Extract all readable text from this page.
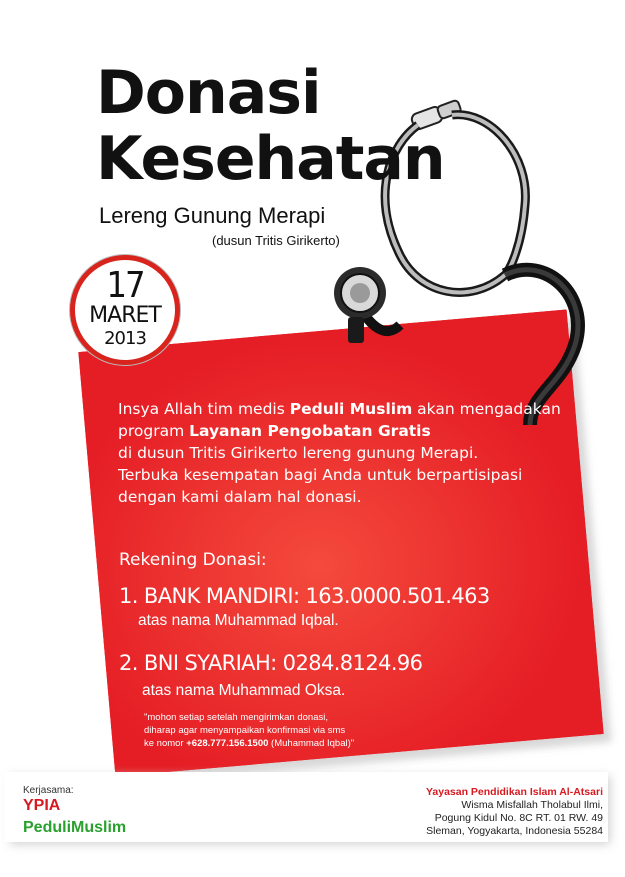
Donasi
Kesehatan
Lereng Gunung Merapi
(dusun Tritis Girikerto)
17
MARET
2013
Insya Allah tim medis Peduli Muslim akan mengadakan
program Layanan Pengobatan Gratis
di dusun Tritis Girikerto lereng gunung Merapi.
Terbuka kesempatan bagi Anda untuk berpartisipasi
dengan kami dalam hal donasi.
Rekening Donasi:
1. BANK MANDIRI: 163.0000.501.463
atas nama Muhammad Iqbal.
2. BNI SYARIAH: 0284.8124.96
atas nama Muhammad Oksa.
"mohon setiap setelah mengirimkan donasi,
diharap agar menyampaikan konfirmasi via sms
ke nomor +628.777.156.1500 (Muhammad Iqbal)"
Kerjasama:
YPIA
PeduliMuslim
Yayasan Pendidikan Islam Al-Atsari
Wisma Misfallah Tholabul Ilmi,
Pogung Kidul No. 8C RT. 01 RW. 49
Sleman, Yogyakarta, Indonesia 55284
